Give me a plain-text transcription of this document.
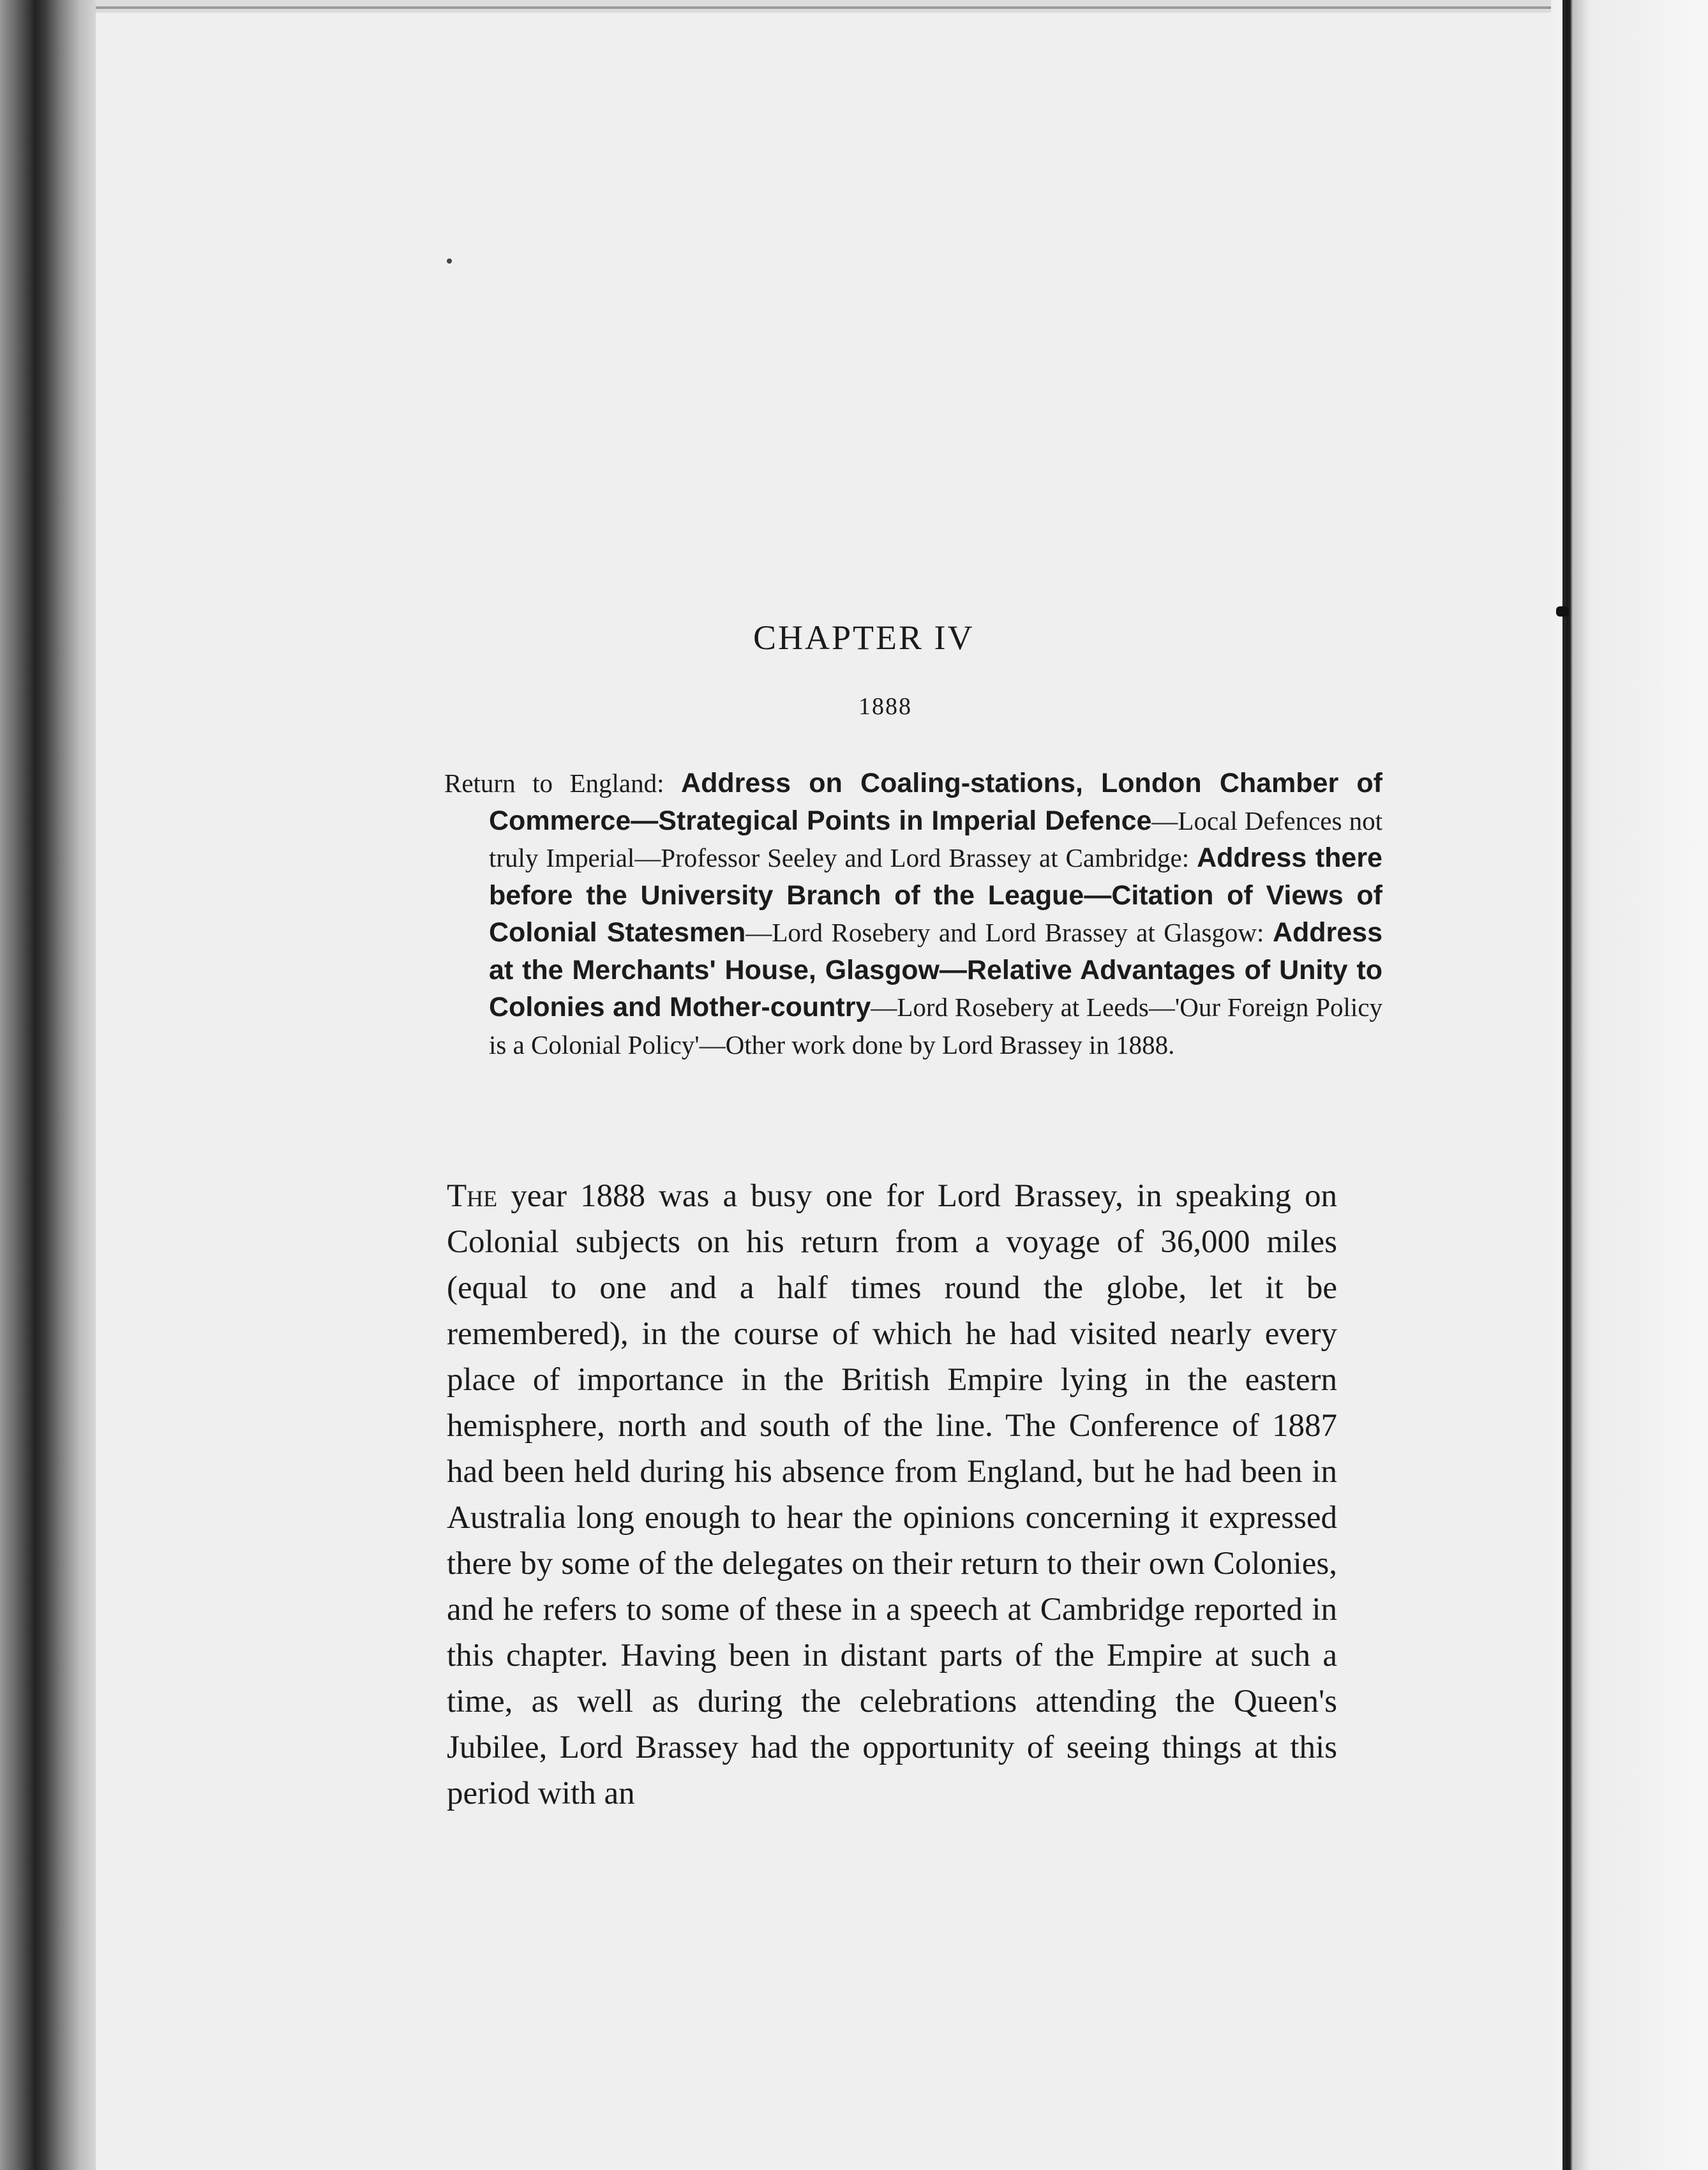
CHAPTER IV
1888

Return to England: Address on Coaling-stations, London Chamber of Commerce—Strategical Points in Imperial Defence—Local Defences not truly Imperial—Professor Seeley and Lord Brassey at Cambridge: Address there before the University Branch of the League—Citation of Views of Colonial Statesmen—Lord Rosebery and Lord Brassey at Glasgow: Address at the Merchants' House, Glasgow—Relative Advantages of Unity to Colonies and Mother-country—Lord Rosebery at Leeds—'Our Foreign Policy is a Colonial Policy'—Other work done by Lord Brassey in 1888.

The year 1888 was a busy one for Lord Brassey, in speaking on Colonial subjects on his return from a voyage of 36,000 miles (equal to one and a half times round the globe, let it be remembered), in the course of which he had visited nearly every place of importance in the British Empire lying in the eastern hemisphere, north and south of the line. The Conference of 1887 had been held during his absence from England, but he had been in Australia long enough to hear the opinions concerning it expressed there by some of the delegates on their return to their own Colonies, and he refers to some of these in a speech at Cambridge reported in this chapter. Having been in distant parts of the Empire at such a time, as well as during the celebrations attending the Queen's Jubilee, Lord Brassey had the opportunity of seeing things at this period with an
